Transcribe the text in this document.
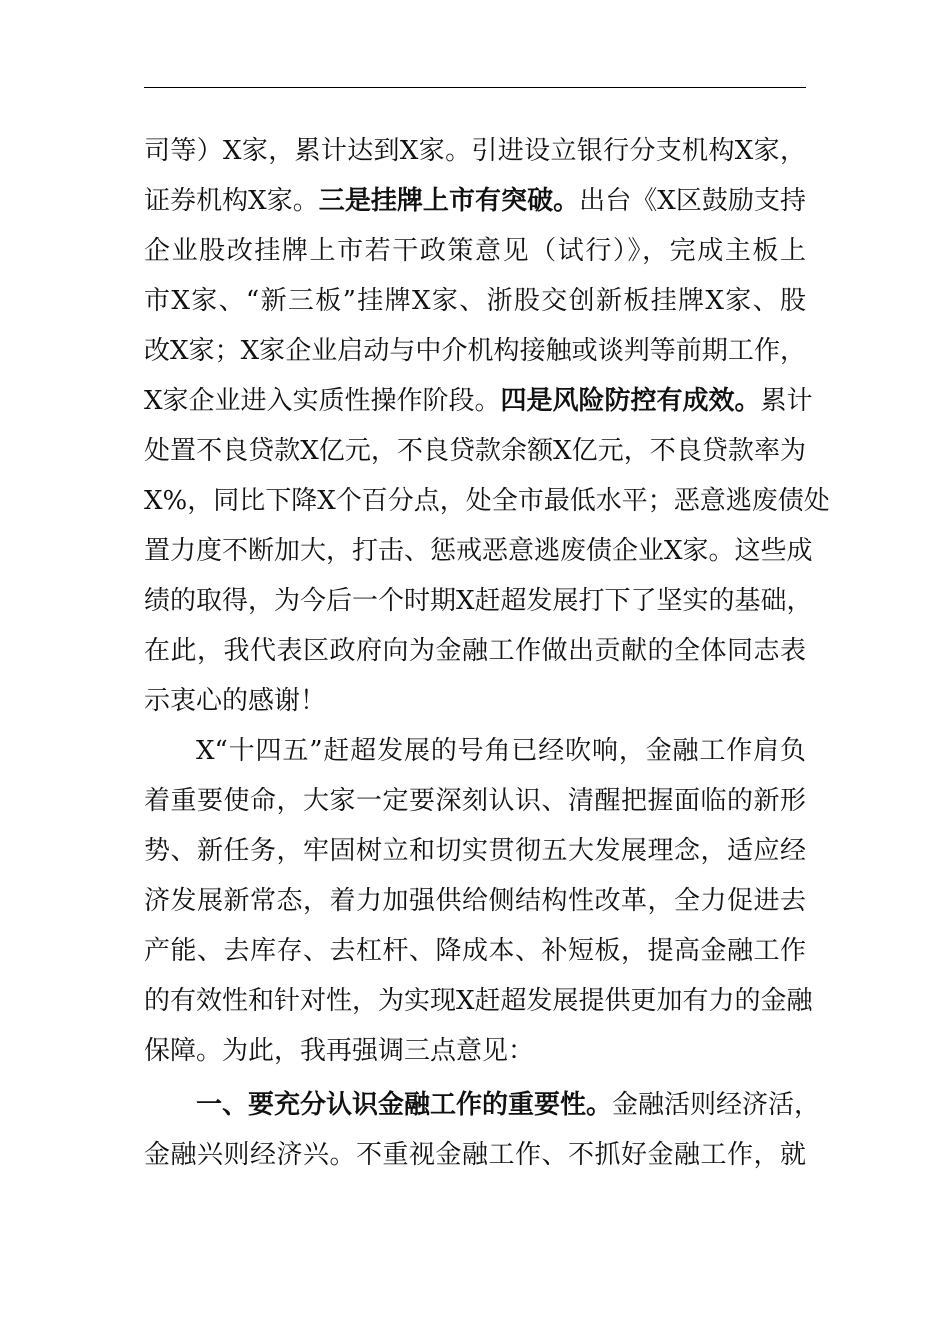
司等）X家，累计达到X家。引进设立银行分支机构X家，
证券机构X家。三是挂牌上市有突破。出台《X区鼓励支持
企业股改挂牌上市若干政策意见（试行）》，完成主板上
市X家、“新三板”挂牌X家、浙股交创新板挂牌X家、股
改X家；X家企业启动与中介机构接触或谈判等前期工作，
X家企业进入实质性操作阶段。四是风险防控有成效。累计
处置不良贷款X亿元，不良贷款余额X亿元，不良贷款率为
X%，同比下降X个百分点，处全市最低水平；恶意逃废债处
置力度不断加大，打击、惩戒恶意逃废债企业X家。这些成
绩的取得，为今后一个时期X赶超发展打下了坚实的基础，
在此，我代表区政府向为金融工作做出贡献的全体同志表
示衷心的感谢！
X“十四五”赶超发展的号角已经吹响，金融工作肩负
着重要使命，大家一定要深刻认识、清醒把握面临的新形
势、新任务，牢固树立和切实贯彻五大发展理念，适应经
济发展新常态，着力加强供给侧结构性改革，全力促进去
产能、去库存、去杠杆、降成本、补短板，提高金融工作
的有效性和针对性，为实现X赶超发展提供更加有力的金融
保障。为此，我再强调三点意见：
一、要充分认识金融工作的重要性。金融活则经济活，
金融兴则经济兴。不重视金融工作、不抓好金融工作，就
